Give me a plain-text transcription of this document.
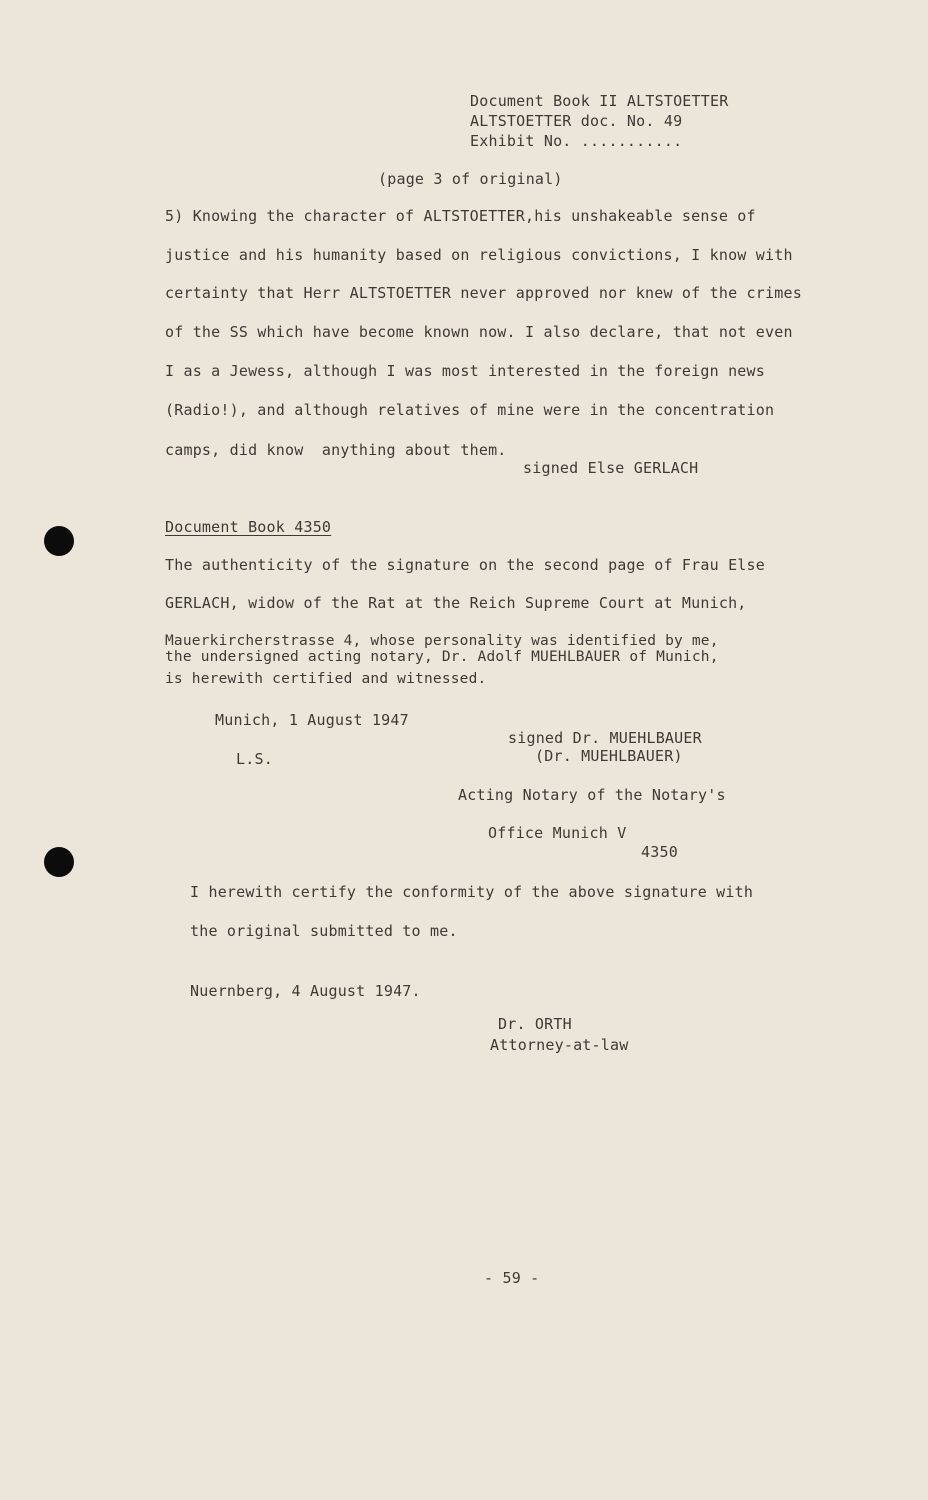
Document Book II ALTSTOETTER
ALTSTOETTER doc. No. 49
Exhibit No. ...........
(page 3 of original)
5) Knowing the character of ALTSTOETTER,his unshakeable sense of
justice and his humanity based on religious convictions, I know with
certainty that Herr ALTSTOETTER never approved nor knew of the crimes
of the SS which have become known now. I also declare, that not even
I as a Jewess, although I was most interested in the foreign news
(Radio!), and although relatives of mine were in the concentration
camps, did know  anything about them.
signed Else GERLACH
Document Book 4350
The authenticity of the signature on the second page of Frau Else
GERLACH, widow of the Rat at the Reich Supreme Court at Munich,
Mauerkircherstrasse 4, whose personality was identified by me,
the undersigned acting notary, Dr. Adolf MUEHLBAUER of Munich,
is herewith certified and witnessed.
Munich, 1 August 1947
L.S.
signed Dr. MUEHLBAUER
(Dr. MUEHLBAUER)
Acting Notary of the Notary's
Office Munich V
4350
I herewith certify the conformity of the above signature with
the original submitted to me.
Nuernberg, 4 August 1947.
Dr. ORTH
Attorney-at-law
- 59 -
